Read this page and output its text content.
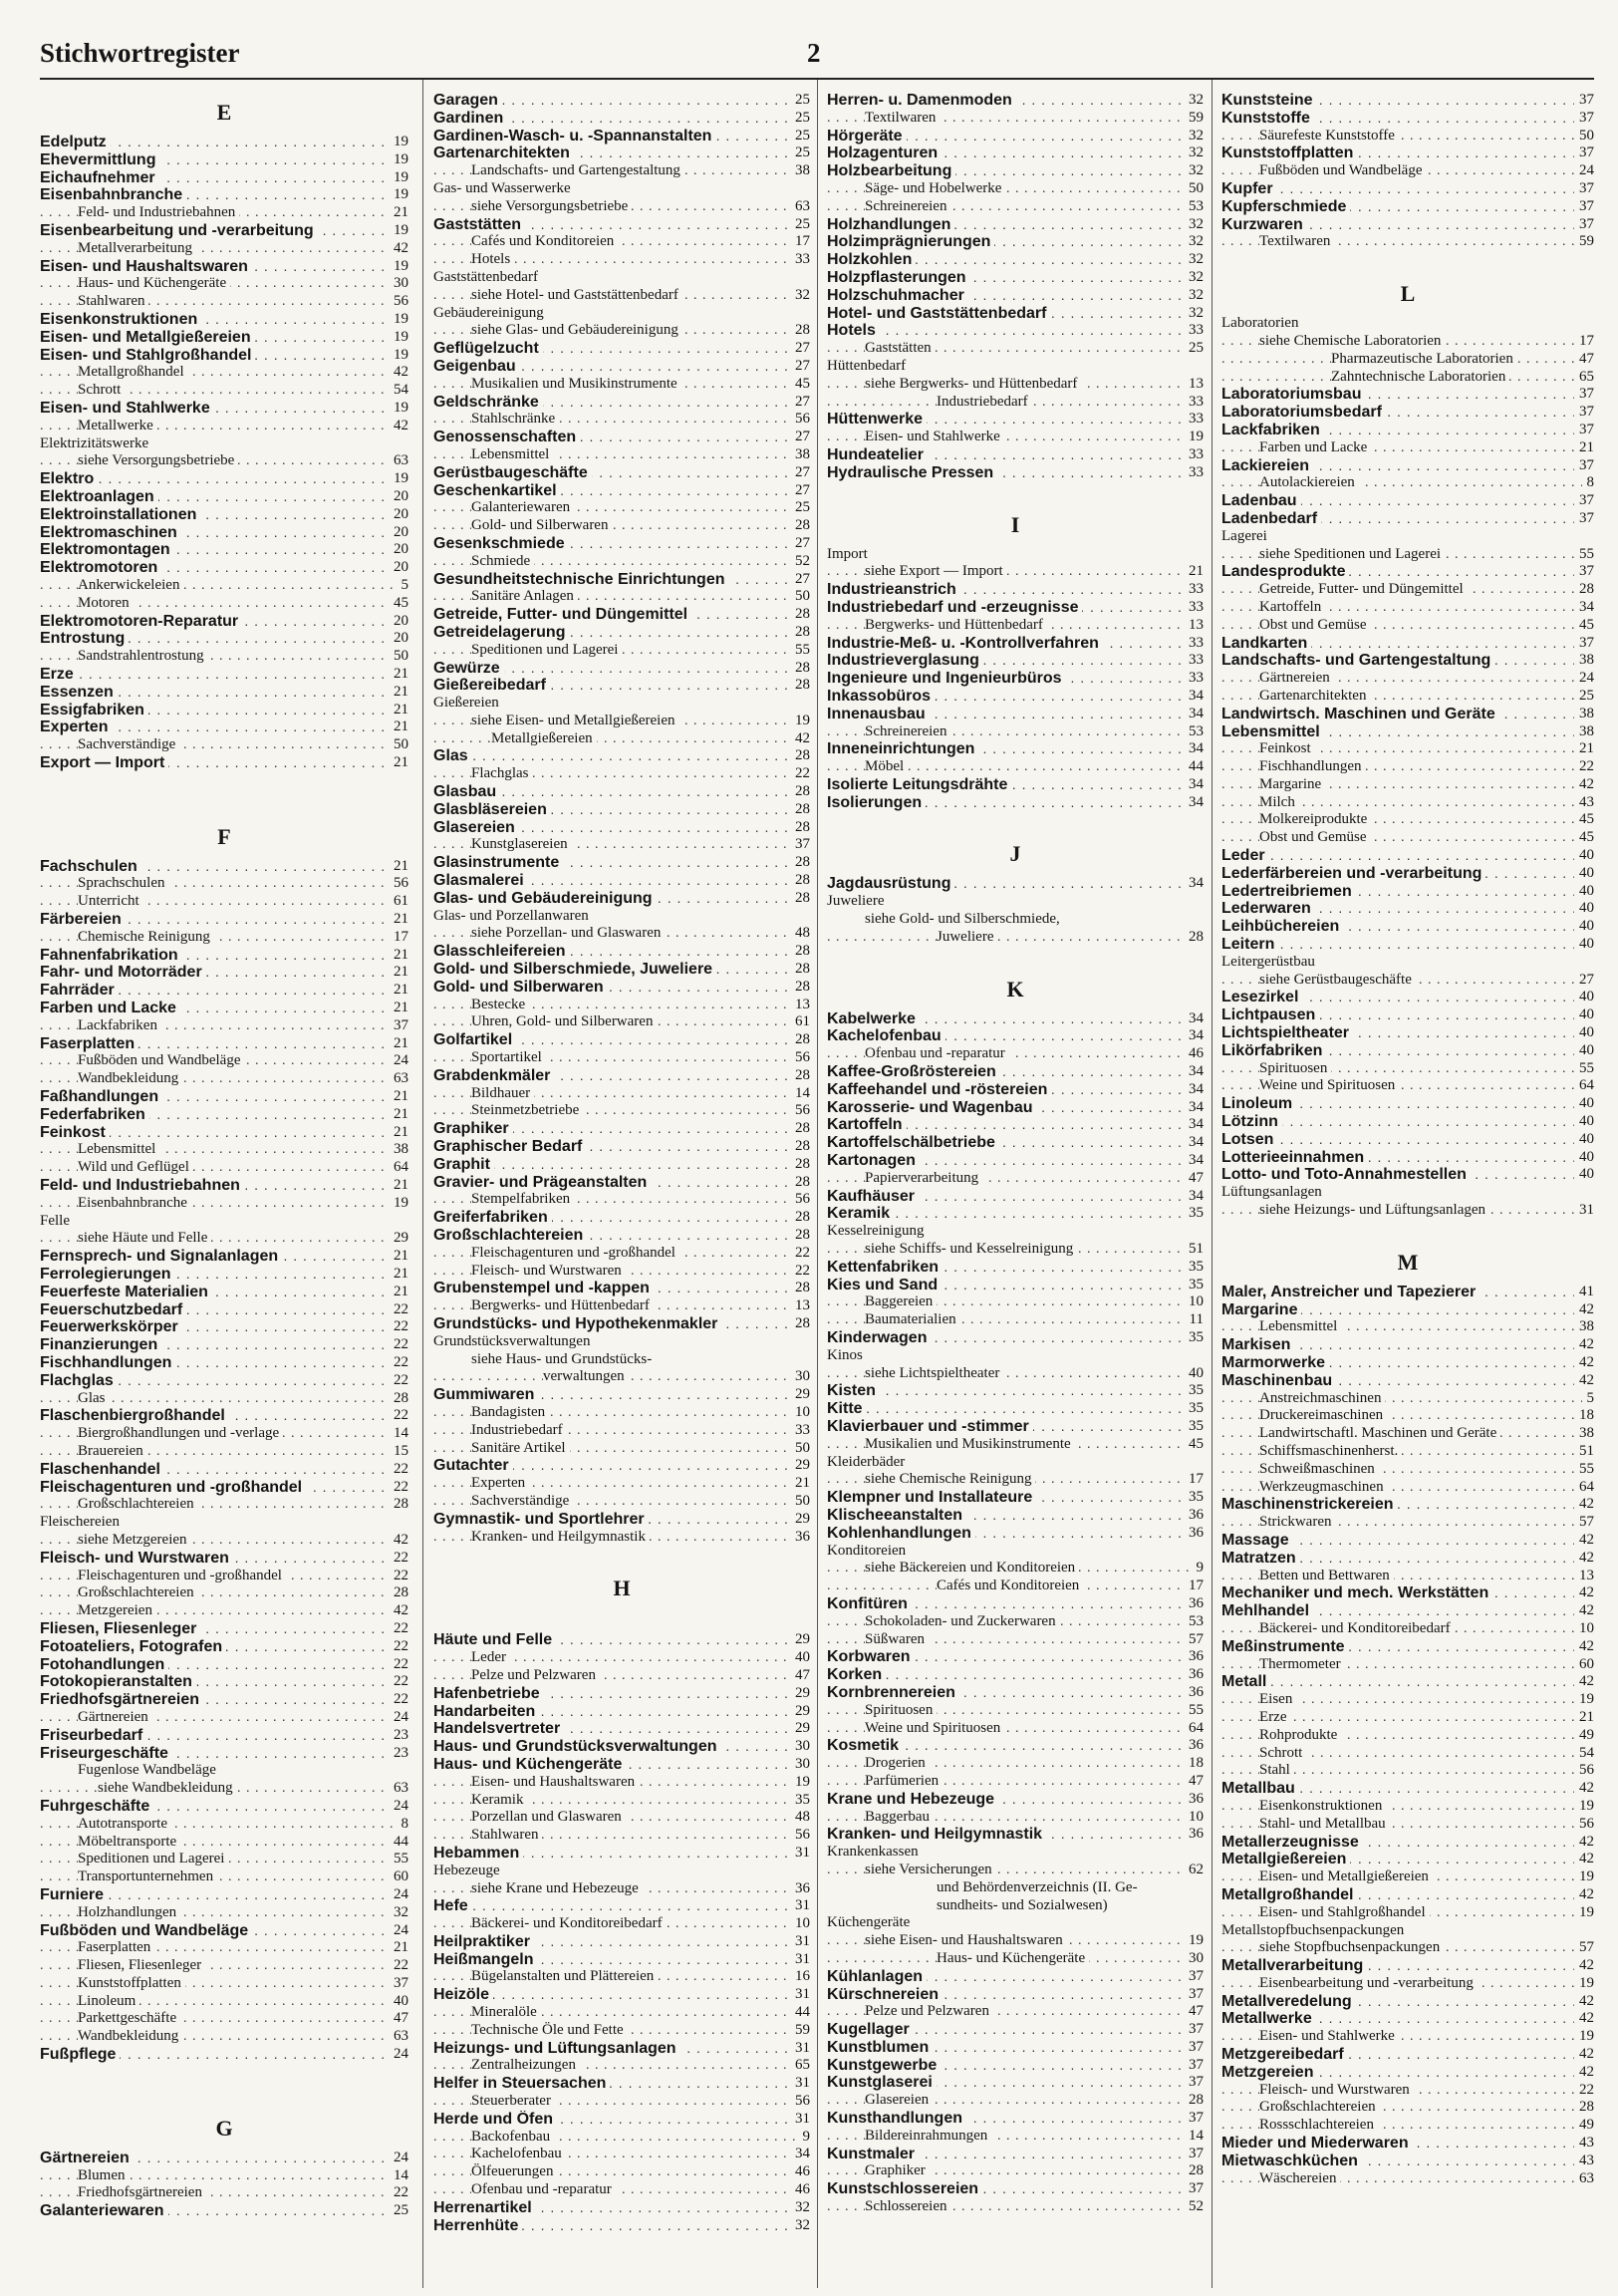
Stichwortregister	2
E
. . . Edelputz	19
. . . Ehevermittlung	19
. . . Eichaufnehmer	19
. . . Eisenbahnbranche	19
. . . Feld- und Industriebahnen	21
. . . Eisenbearbeitung und -verarbeitung	19
. . . Metallverarbeitung	42
. . . Eisen- und Haushaltswaren	19
. . . Haus- und Küchengeräte	30
. . . Stahlwaren	56
. . . Eisenkonstruktionen	19
. . . Eisen- und Metallgießereien	19
. . . Eisen- und Stahlgroßhandel	19
. . . Metallgroßhandel	42
. . . Schrott	54
. . . Eisen- und Stahlwerke	19
. . . Metallwerke	42
Elektrizitätswerke
. . . siehe Versorgungsbetriebe	63
. . . Elektro	19
. . . Elektroanlagen	20
. . . Elektroinstallationen	20
. . . Elektromaschinen	20
. . . Elektromontagen	20
. . . Elektromotoren	20
. . . Ankerwickeleien	5
. . . Motoren	45
. . . Elektromotoren-Reparatur	20
. . . Entrostung	20
. . . Sandstrahlentrostung	50
. . . Erze	21
. . . Essenzen	21
. . . Essigfabriken	21
. . . Experten	21
. . . Sachverständige	50
. . . Export — Import	21
F
. . . Fachschulen	21
. . . Sprachschulen	56
. . . Unterricht	61
. . . Färbereien	21
. . . Chemische Reinigung	17
. . . Fahnenfabrikation	21
. . . Fahr- und Motorräder	21
. . . Fahrräder	21
. . . Farben und Lacke	21
. . . Lackfabriken	37
. . . Faserplatten	21
. . . Fußböden und Wandbeläge	24
. . . Wandbekleidung	63
. . . Faßhandlungen	21
. . . Federfabriken	21
. . . Feinkost	21
. . . Lebensmittel	38
. . . Wild und Geflügel	64
. . . Feld- und Industriebahnen	21
. . . Eisenbahnbranche	19
Felle
. . . siehe Häute und Felle	29
. . . Fernsprech- und Signalanlagen	21
. . . Ferrolegierungen	21
. . . Feuerfeste Materialien	21
. . . Feuerschutzbedarf	22
. . . Feuerwerkskörper	22
. . . Finanzierungen	22
. . . Fischhandlungen	22
. . . Flachglas	22
. . . Glas	28
. . . Flaschenbiergroßhandel	22
. . . Biergroßhandlungen und -verlage	14
. . . Brauereien	15
. . . Flaschenhandel	22
. . . Fleischagenturen und -großhandel	22
. . . Großschlachtereien	28
Fleischereien
. . . siehe Metzgereien	42
. . . Fleisch- und Wurstwaren	22
. . . Fleischagenturen und -großhandel	22
. . . Großschlachtereien	28
. . . Metzgereien	42
. . . Fliesen, Fliesenleger	22
. . . Fotoateliers, Fotografen	22
. . . Fotohandlungen	22
. . . Fotokopieranstalten	22
. . . Friedhofsgärtnereien	22
. . . Gärtnereien	24
. . . Friseurbedarf	23
. . . Friseurgeschäfte	23
Fugenlose Wandbeläge
. . . siehe Wandbekleidung	63
. . . Fuhrgeschäfte	24
. . . Autotransporte	8
. . . Möbeltransporte	44
. . . Speditionen und Lagerei	55
. . . Transportunternehmen	60
. . . Furniere	24
. . . Holzhandlungen	32
. . . Fußböden und Wandbeläge	24
. . . Faserplatten	21
. . . Fliesen, Fliesenleger	22
. . . Kunststoffplatten	37
. . . Linoleum	40
. . . Parkettgeschäfte	47
. . . Wandbekleidung	63
. . . Fußpflege	24
G
. . . Gärtnereien	24
. . . Blumen	14
. . . Friedhofsgärtnereien	22
. . . Galanteriewaren	25
. . . Garagen	25
. . . Gardinen	25
. . . Gardinen-Wasch- u. -Spannanstalten	25
. . . Gartenarchitekten	25
. . . Landschafts- und Gartengestaltung	38
Gas- und Wasserwerke
. . . siehe Versorgungsbetriebe	63
. . . Gaststätten	25
. . . Cafés und Konditoreien	17
. . . Hotels	33
Gaststättenbedarf
. . . siehe Hotel- und Gaststättenbedarf	32
Gebäudereinigung
. . . siehe Glas- und Gebäudereinigung	28
. . . Geflügelzucht	27
. . . Geigenbau	27
. . . Musikalien und Musikinstrumente	45
. . . Geldschränke	27
. . . Stahlschränke	56
. . . Genossenschaften	27
. . . Lebensmittel	38
. . . Gerüstbaugeschäfte	27
. . . Geschenkartikel	27
. . . Galanteriewaren	25
. . . Gold- und Silberwaren	28
. . . Gesenkschmiede	27
. . . Schmiede	52
. . . Gesundheitstechnische Einrichtungen	27
. . . Sanitäre Anlagen	50
. . . Getreide, Futter- und Düngemittel	28
. . . Getreidelagerung	28
. . . Speditionen und Lagerei	55
. . . Gewürze	28
. . . Gießereibedarf	28
Gießereien
. . . siehe Eisen- und Metallgießereien	19
. . . Metallgießereien	42
. . . Glas	28
. . . Flachglas	22
. . . Glasbau	28
. . . Glasbläsereien	28
. . . Glasereien	28
. . . Kunstglasereien	37
. . . Glasinstrumente	28
. . . Glasmalerei	28
. . . Glas- und Gebäudereinigung	28
Glas- und Porzellanwaren
. . . siehe Porzellan- und Glaswaren	48
. . . Glasschleifereien	28
. . . Gold- und Silberschmiede, Juweliere	28
. . . Gold- und Silberwaren	28
. . . Bestecke	13
. . . Uhren, Gold- und Silberwaren	61
. . . Golfartikel	28
. . . Sportartikel	56
. . . Grabdenkmäler	28
. . . Bildhauer	14
. . . Steinmetzbetriebe	56
. . . Graphiker	28
. . . Graphischer Bedarf	28
. . . Graphit	28
. . . Gravier- und Prägeanstalten	28
. . . Stempelfabriken	56
. . . Greiferfabriken	28
. . . Großschlachtereien	28
. . . Fleischagenturen und -großhandel	22
. . . Fleisch- und Wurstwaren	22
. . . Grubenstempel und -kappen	28
. . . Bergwerks- und Hüttenbedarf	13
. . . Grundstücks- und Hypothekenmakler	28
Grundstücksverwaltungen
siehe Haus- und Grundstücks-
. . . verwaltungen	30
. . . Gummiwaren	29
. . . Bandagisten	10
. . . Industriebedarf	33
. . . Sanitäre Artikel	50
. . . Gutachter	29
. . . Experten	21
. . . Sachverständige	50
. . . Gymnastik- und Sportlehrer	29
. . . Kranken- und Heilgymnastik	36
H
. . . Häute und Felle	29
. . . Leder	40
. . . Pelze und Pelzwaren	47
. . . Hafenbetriebe	29
. . . Handarbeiten	29
. . . Handelsvertreter	29
. . . Haus- und Grundstücksverwaltungen	30
. . . Haus- und Küchengeräte	30
. . . Eisen- und Haushaltswaren	19
. . . Keramik	35
. . . Porzellan und Glaswaren	48
. . . Stahlwaren	56
. . . Hebammen	31
Hebezeuge
. . . siehe Krane und Hebezeuge	36
. . . Hefe	31
. . . Bäckerei- und Konditoreibedarf	10
. . . Heilpraktiker	31
. . . Heißmangeln	31
. . . Bügelanstalten und Plättereien	16
. . . Heizöle	31
. . . Mineralöle	44
. . . Technische Öle und Fette	59
. . . Heizungs- und Lüftungsanlagen	31
. . . Zentralheizungen	65
. . . Helfer in Steuersachen	31
. . . Steuerberater	56
. . . Herde und Öfen	31
. . . Backofenbau	9
. . . Kachelofenbau	34
. . . Ölfeuerungen	46
. . . Ofenbau und -reparatur	46
. . . Herrenartikel	32
. . . Herrenhüte	32
. . . Herren- u. Damenmoden	32
. . . Textilwaren	59
. . . Hörgeräte	32
. . . Holzagenturen	32
. . . Holzbearbeitung	32
. . . Säge- und Hobelwerke	50
. . . Schreinereien	53
. . . Holzhandlungen	32
. . . Holzimprägnierungen	32
. . . Holzkohlen	32
. . . Holzpflasterungen	32
. . . Holzschuhmacher	32
. . . Hotel- und Gaststättenbedarf	32
. . . Hotels	33
. . . Gaststätten	25
Hüttenbedarf
. . . siehe Bergwerks- und Hüttenbedarf	13
. . . Industriebedarf	33
. . . Hüttenwerke	33
. . . Eisen- und Stahlwerke	19
. . . Hundeatelier	33
. . . Hydraulische Pressen	33
I
Import
. . . siehe Export — Import	21
. . . Industrieanstrich	33
. . . Industriebedarf und -erzeugnisse	33
. . . Bergwerks- und Hüttenbedarf	13
. . . Industrie-Meß- u. -Kontrollverfahren	33
. . . Industrieverglasung	33
. . . Ingenieure und Ingenieurbüros	33
. . . Inkassobüros	34
. . . Innenausbau	34
. . . Schreinereien	53
. . . Inneneinrichtungen	34
. . . Möbel	44
. . . Isolierte Leitungsdrähte	34
. . . Isolierungen	34
J
. . . Jagdausrüstung	34
Juweliere
siehe Gold- und Silberschmiede,
. . . Juweliere	28
K
. . . Kabelwerke	34
. . . Kachelofenbau	34
. . . Ofenbau und -reparatur	46
. . . Kaffee-Großröstereien	34
. . . Kaffeehandel und -röstereien	34
. . . Karosserie- und Wagenbau	34
. . . Kartoffeln	34
. . . Kartoffelschälbetriebe	34
. . . Kartonagen	34
. . . Papierverarbeitung	47
. . . Kaufhäuser	34
. . . Keramik	35
Kesselreinigung
. . . siehe Schiffs- und Kesselreinigung	51
. . . Kettenfabriken	35
. . . Kies und Sand	35
. . . Baggereien	10
. . . Baumaterialien	11
. . . Kinderwagen	35
Kinos
. . . siehe Lichtspieltheater	40
. . . Kisten	35
. . . Kitte	35
. . . Klavierbauer und -stimmer	35
. . . Musikalien und Musikinstrumente	45
Kleiderbäder
. . . siehe Chemische Reinigung	17
. . . Klempner und Installateure	35
. . . Klischeeanstalten	36
. . . Kohlenhandlungen	36
Konditoreien
. . . siehe Bäckereien und Konditoreien	9
. . . Cafés und Konditoreien	17
. . . Konfitüren	36
. . . Schokoladen- und Zuckerwaren	53
. . . Süßwaren	57
. . . Korbwaren	36
. . . Korken	36
. . . Kornbrennereien	36
. . . Spirituosen	55
. . . Weine und Spirituosen	64
. . . Kosmetik	36
. . . Drogerien	18
. . . Parfümerien	47
. . . Krane und Hebezeuge	36
. . . Baggerbau	10
. . . Kranken- und Heilgymnastik	36
Krankenkassen
. . . siehe Versicherungen	62
und Behördenverzeichnis (II. Ge-
sundheits- und Sozialwesen)
Küchengeräte
. . . siehe Eisen- und Haushaltswaren	19
. . . Haus- und Küchengeräte	30
. . . Kühlanlagen	37
. . . Kürschnereien	37
. . . Pelze und Pelzwaren	47
. . . Kugellager	37
. . . Kunstblumen	37
. . . Kunstgewerbe	37
. . . Kunstglaserei	37
. . . Glasereien	28
. . . Kunsthandlungen	37
. . . Bildereinrahmungen	14
. . . Kunstmaler	37
. . . Graphiker	28
. . . Kunstschlossereien	37
. . . Schlossereien	52
. . . Kunststeine	37
. . . Kunststoffe	37
. . . Säurefeste Kunststoffe	50
. . . Kunststoffplatten	37
. . . Fußböden und Wandbeläge	24
. . . Kupfer	37
. . . Kupferschmiede	37
. . . Kurzwaren	37
. . . Textilwaren	59
L
Laboratorien
. . . siehe Chemische Laboratorien	17
. . . Pharmazeutische Laboratorien	47
. . . Zahntechnische Laboratorien	65
. . . Laboratoriumsbau	37
. . . Laboratoriumsbedarf	37
. . . Lackfabriken	37
. . . Farben und Lacke	21
. . . Lackiereien	37
. . . Autolackiereien	8
. . . Ladenbau	37
. . . Ladenbedarf	37
Lagerei
. . . siehe Speditionen und Lagerei	55
. . . Landesprodukte	37
. . . Getreide, Futter- und Düngemittel	28
. . . Kartoffeln	34
. . . Obst und Gemüse	45
. . . Landkarten	37
. . . Landschafts- und Gartengestaltung	38
. . . Gärtnereien	24
. . . Gartenarchitekten	25
. . . Landwirtsch. Maschinen und Geräte	38
. . . Lebensmittel	38
. . . Feinkost	21
. . . Fischhandlungen	22
. . . Margarine	42
. . . Milch	43
. . . Molkereiprodukte	45
. . . Obst und Gemüse	45
. . . Leder	40
. . . Lederfärbereien und -verarbeitung	40
. . . Ledertreibriemen	40
. . . Lederwaren	40
. . . Leihbüchereien	40
. . . Leitern	40
Leitergerüstbau
. . . siehe Gerüstbaugeschäfte	27
. . . Lesezirkel	40
. . . Lichtpausen	40
. . . Lichtspieltheater	40
. . . Likörfabriken	40
. . . Spirituosen	55
. . . Weine und Spirituosen	64
. . . Linoleum	40
. . . Lötzinn	40
. . . Lotsen	40
. . . Lotterieeinnahmen	40
. . . Lotto- und Toto-Annahmestellen	40
Lüftungsanlagen
. . . siehe Heizungs- und Lüftungsanlagen	31
M
. . . Maler, Anstreicher und Tapezierer	41
. . . Margarine	42
. . . Lebensmittel	38
. . . Markisen	42
. . . Marmorwerke	42
. . . Maschinenbau	42
. . . Anstreichmaschinen	5
. . . Druckereimaschinen	18
. . . Landwirtschaftl. Maschinen und Geräte	38
. . . Schiffsmaschinenherst.	51
. . . Schweißmaschinen	55
. . . Werkzeugmaschinen	64
. . . Maschinenstrickereien	42
. . . Strickwaren	57
. . . Massage	42
. . . Matratzen	42
. . . Betten und Bettwaren	13
. . . Mechaniker und mech. Werkstätten	42
. . . Mehlhandel	42
. . . Bäckerei- und Konditoreibedarf	10
. . . Meßinstrumente	42
. . . Thermometer	60
. . . Metall	42
. . . Eisen	19
. . . Erze	21
. . . Rohprodukte	49
. . . Schrott	54
. . . Stahl	56
. . . Metallbau	42
. . . Eisenkonstruktionen	19
. . . Stahl- und Metallbau	56
. . . Metallerzeugnisse	42
. . . Metallgießereien	42
. . . Eisen- und Metallgießereien	19
. . . Metallgroßhandel	42
. . . Eisen- und Stahlgroßhandel	19
Metallstopfbuchsenpackungen
. . . siehe Stopfbuchsenpackungen	57
. . . Metallverarbeitung	42
. . . Eisenbearbeitung und -verarbeitung	19
. . . Metallveredelung	42
. . . Metallwerke	42
. . . Eisen- und Stahlwerke	19
. . . Metzgereibedarf	42
. . . Metzgereien	42
. . . Fleisch- und Wurstwaren	22
. . . Großschlachtereien	28
. . . Rossschlachtereien	49
. . . Mieder und Miederwaren	43
. . . Mietwaschküchen	43
. . . Wäschereien	63
